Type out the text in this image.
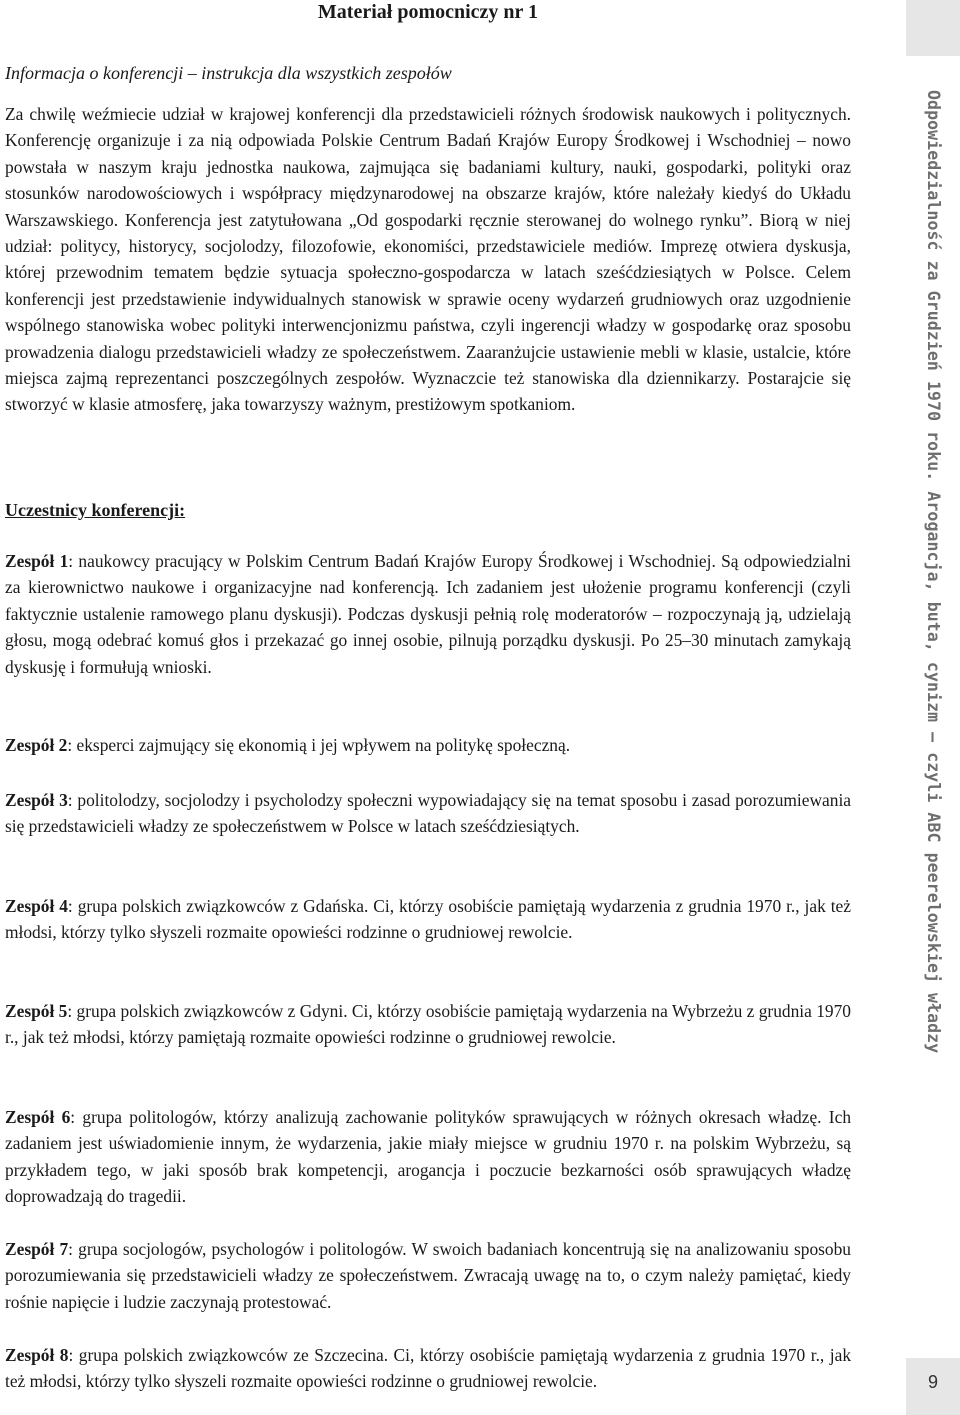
Materiał pomocniczy nr 1

Informacja o konferencji – instrukcja dla wszystkich zespołów

Za chwilę weźmiecie udział w krajowej konferencji dla przedstawicieli różnych środowisk naukowych i politycznych. Konferencję organizuje i za nią odpowiada Polskie Centrum Badań Krajów Europy Środkowej i Wschodniej – nowo powstała w naszym kraju jednostka naukowa, zajmująca się badaniami kultury, nauki, gospodarki, polityki oraz stosunków narodowościowych i współpracy międzynarodowej na obszarze krajów, które należały kiedyś do Układu Warszawskiego. Konferencja jest zatytułowana „Od gospodarki ręcznie sterowanej do wolnego rynku”. Biorą w niej udział: politycy, historycy, socjolodzy, filozofowie, ekonomiści, przedstawiciele mediów. Imprezę otwiera dyskusja, której przewodnim tematem będzie sytuacja społeczno-gospodarcza w latach sześćdziesiątych w Polsce. Celem konferencji jest przedstawienie indywidualnych stanowisk w sprawie oceny wydarzeń grudniowych oraz uzgodnienie wspólnego stanowiska wobec polityki interwencjonizmu państwa, czyli ingerencji władzy w gospodarkę oraz sposobu prowadzenia dialogu przedstawicieli władzy ze społeczeństwem. Zaaranżujcie ustawienie mebli w klasie, ustalcie, które miejsca zajmą reprezentanci poszczególnych zespołów. Wyznaczcie też stanowiska dla dziennikarzy. Postarajcie się stworzyć w klasie atmosferę, jaka towarzyszy ważnym, prestiżowym spotkaniom.

Uczestnicy konferencji:

Zespół 1: naukowcy pracujący w Polskim Centrum Badań Krajów Europy Środkowej i Wschodniej. Są odpowiedzialni za kierownictwo naukowe i organizacyjne nad konferencją. Ich zadaniem jest ułożenie programu konferencji (czyli faktycznie ustalenie ramowego planu dyskusji). Podczas dyskusji pełnią rolę moderatorów – rozpoczynają ją, udzielają głosu, mogą odebrać komuś głos i przekazać go innej osobie, pilnują porządku dyskusji. Po 25–30 minutach zamykają dyskusję i formułują wnioski.

Zespół 2: eksperci zajmujący się ekonomią i jej wpływem na politykę społeczną.

Zespół 3: politolodzy, socjolodzy i psycholodzy społeczni wypowiadający się na temat sposobu i zasad porozumiewania się przedstawicieli władzy ze społeczeństwem w Polsce w latach sześćdziesiątych.

Zespół 4: grupa polskich związkowców z Gdańska. Ci, którzy osobiście pamiętają wydarzenia z grudnia 1970 r., jak też młodsi, którzy tylko słyszeli rozmaite opowieści rodzinne o grudniowej rewolcie.

Zespół 5: grupa polskich związkowców z Gdyni. Ci, którzy osobiście pamiętają wydarzenia na Wybrzeżu z grudnia 1970 r., jak też młodsi, którzy pamiętają rozmaite opowieści rodzinne o grudniowej rewolcie.

Zespół 6: grupa politologów, którzy analizują zachowanie polityków sprawujących w różnych okresach władzę. Ich zadaniem jest uświadomienie innym, że wydarzenia, jakie miały miejsce w grudniu 1970 r. na polskim Wybrzeżu, są przykładem tego, w jaki sposób brak kompetencji, arogancja i poczucie bezkarności osób sprawujących władzę doprowadzają do tragedii.

Zespół 7: grupa socjologów, psychologów i politologów. W swoich badaniach koncentrują się na analizowaniu sposobu porozumiewania się przedstawicieli władzy ze społeczeństwem. Zwracają uwagę na to, o czym należy pamiętać, kiedy rośnie napięcie i ludzie zaczynają protestować.

Zespół 8: grupa polskich związkowców ze Szczecina. Ci, którzy osobiście pamiętają wydarzenia z grudnia 1970 r., jak też młodsi, którzy tylko słyszeli rozmaite opowieści rodzinne o grudniowej rewolcie.

Odpowiedzialność za Grudzień 1970 roku. Arogancja, buta, cynizm – czyli ABC peerelowskiej władzy
9
